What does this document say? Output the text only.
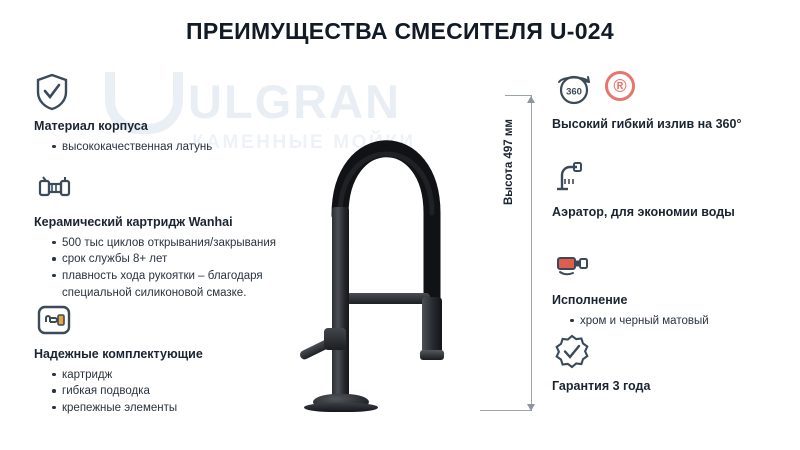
ПРЕИМУЩЕСТВА СМЕСИТЕЛЯ U-024
ULGRAN
КАМЕННЫЕ МОЙКИ
®
Высота 497 мм
Материал корпуса
высококачественная латунь
Керамический картридж Wanhai
500 тыс циклов открывания/закрывания
срок службы 8+ лет
плавность хода рукоятки – благодаря специальной силиконовой смазке.
Надежные комплектующие
картридж
гибкая подводка
крепежные элементы
360
Высокий гибкий излив на 360°
Аэратор, для экономии воды
Исполнение
хром и черный матовый
Гарантия 3 года
